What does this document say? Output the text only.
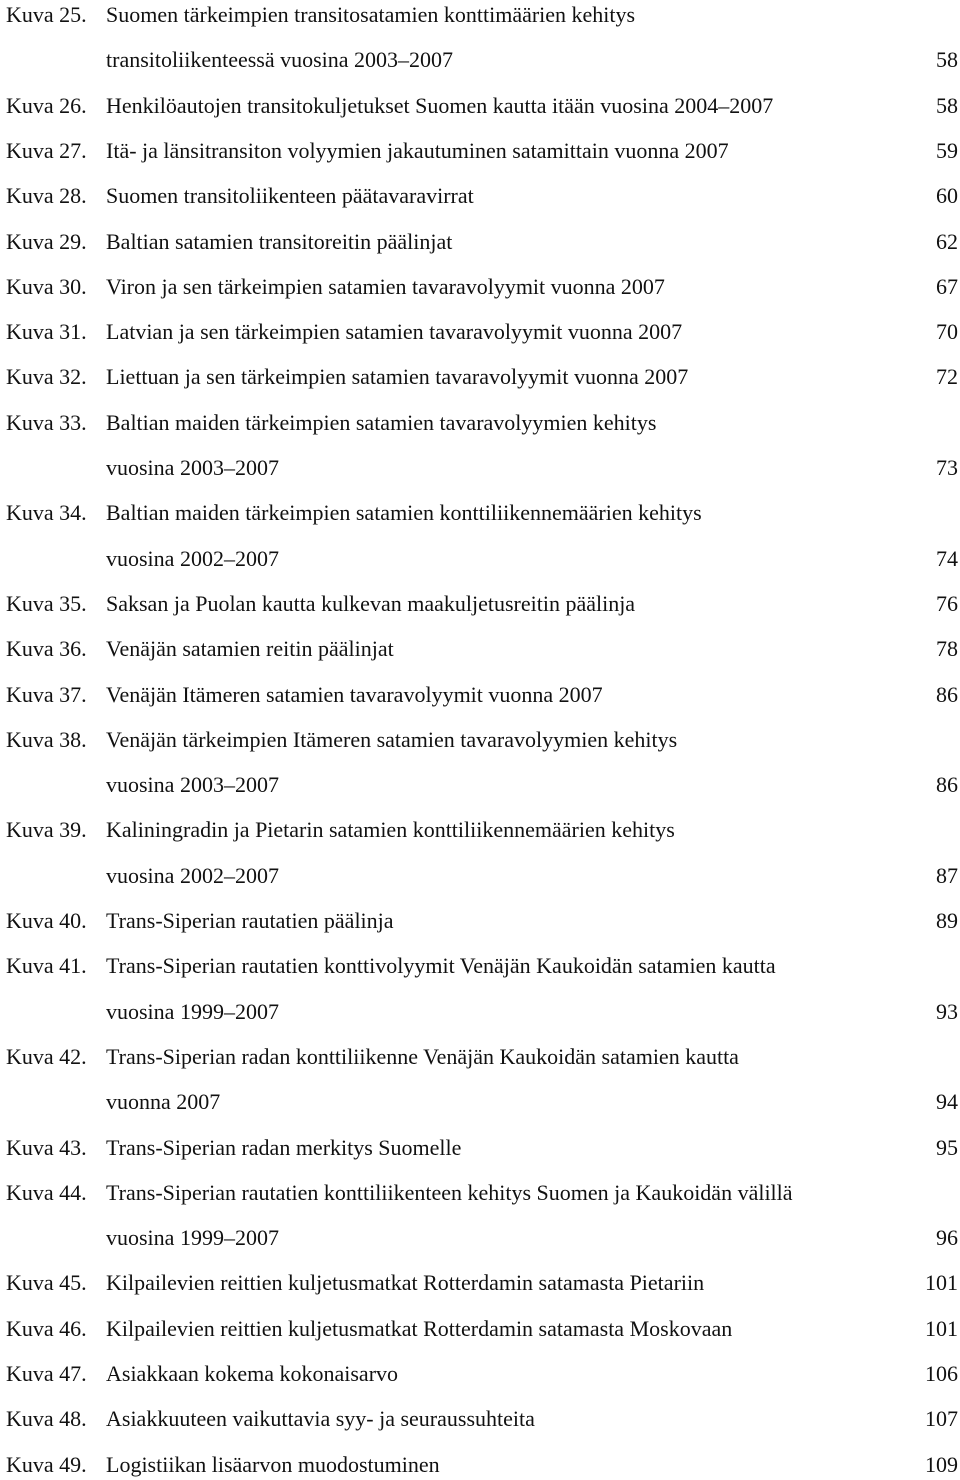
Kuva 25. Suomen tärkeimpien transitosatamien konttimäärien kehitys
transitoliikenteessä vuosina 2003–2007	58
Kuva 26. Henkilöautojen transitokuljetukset Suomen kautta itään vuosina 2004–2007	58
Kuva 27. Itä- ja länsitransiton volyymien jakautuminen satamittain vuonna 2007	59
Kuva 28. Suomen transitoliikenteen päätavaravirrat	60
Kuva 29. Baltian satamien transitoreitin päälinjat	62
Kuva 30. Viron ja sen tärkeimpien satamien tavaravolyymit vuonna 2007	67
Kuva 31. Latvian ja sen tärkeimpien satamien tavaravolyymit vuonna 2007	70
Kuva 32. Liettuan ja sen tärkeimpien satamien tavaravolyymit vuonna 2007	72
Kuva 33. Baltian maiden tärkeimpien satamien tavaravolyymien kehitys
vuosina 2003–2007	73
Kuva 34. Baltian maiden tärkeimpien satamien konttiliikennemäärien kehitys
vuosina 2002–2007	74
Kuva 35. Saksan ja Puolan kautta kulkevan maakuljetusreitin päälinja	76
Kuva 36. Venäjän satamien reitin päälinjat	78
Kuva 37. Venäjän Itämeren satamien tavaravolyymit vuonna 2007	86
Kuva 38. Venäjän tärkeimpien Itämeren satamien tavaravolyymien kehitys
vuosina 2003–2007	86
Kuva 39. Kaliningradin ja Pietarin satamien konttiliikennemäärien kehitys
vuosina 2002–2007	87
Kuva 40. Trans-Siperian rautatien päälinja	89
Kuva 41. Trans-Siperian rautatien konttivolyymit Venäjän Kaukoidän satamien kautta
vuosina 1999–2007	93
Kuva 42. Trans-Siperian radan konttiliikenne Venäjän Kaukoidän satamien kautta
vuonna 2007	94
Kuva 43. Trans-Siperian radan merkitys Suomelle	95
Kuva 44. Trans-Siperian rautatien konttiliikenteen kehitys Suomen ja Kaukoidän välillä
vuosina 1999–2007	96
Kuva 45. Kilpailevien reittien kuljetusmatkat Rotterdamin satamasta Pietariin	101
Kuva 46. Kilpailevien reittien kuljetusmatkat Rotterdamin satamasta Moskovaan	101
Kuva 47. Asiakkaan kokema kokonaisarvo	106
Kuva 48. Asiakkuuteen vaikuttavia syy- ja seuraussuhteita	107
Kuva 49. Logistiikan lisäarvon muodostuminen	109
